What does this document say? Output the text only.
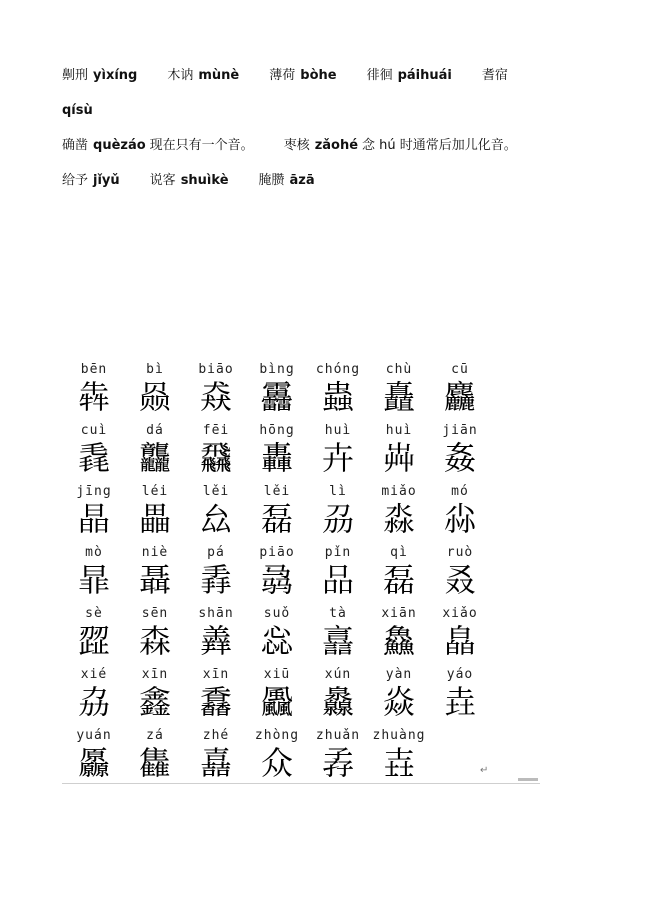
劓刑 yìxíng 木讷 mùnè 薄荷 bòhe 徘徊 páihuái 耆宿
qísù
确凿 quèzáo 现在只有一个音。 枣核 zǎohé 念 hú 时通常后加儿化音。
给予 jǐyǔ 说客 shuìkè 腌臜 āzā
↵
bēn
犇
bì
赑
biāo
猋
bìng
靐
chóng
蟲
chù
矗
cū
麤
cuì
毳
dá
龘
fēi
飝
hōng
轟
huì
卉
huì
芔
jiān
姦
jīng
晶
léi
畾
lěi
厽
lěi
磊
lì
刕
miǎo
淼
mó
尛
mò
暃
niè
聶
pá
掱
piāo
骉
pǐn
品
qì
磊
ruò
叒
sè
歰
sēn
森
shān
羴
suǒ
惢
tà
譶
xiān
鱻
xiǎo
皛
xié
劦
xīn
鑫
xīn
馫
xiū
飍
xún
灥
yàn
焱
yáo
垚
yuán
厵
zá
雥
zhé
嚞
zhòng
众
zhuǎn
孨
zhuàng
壵
